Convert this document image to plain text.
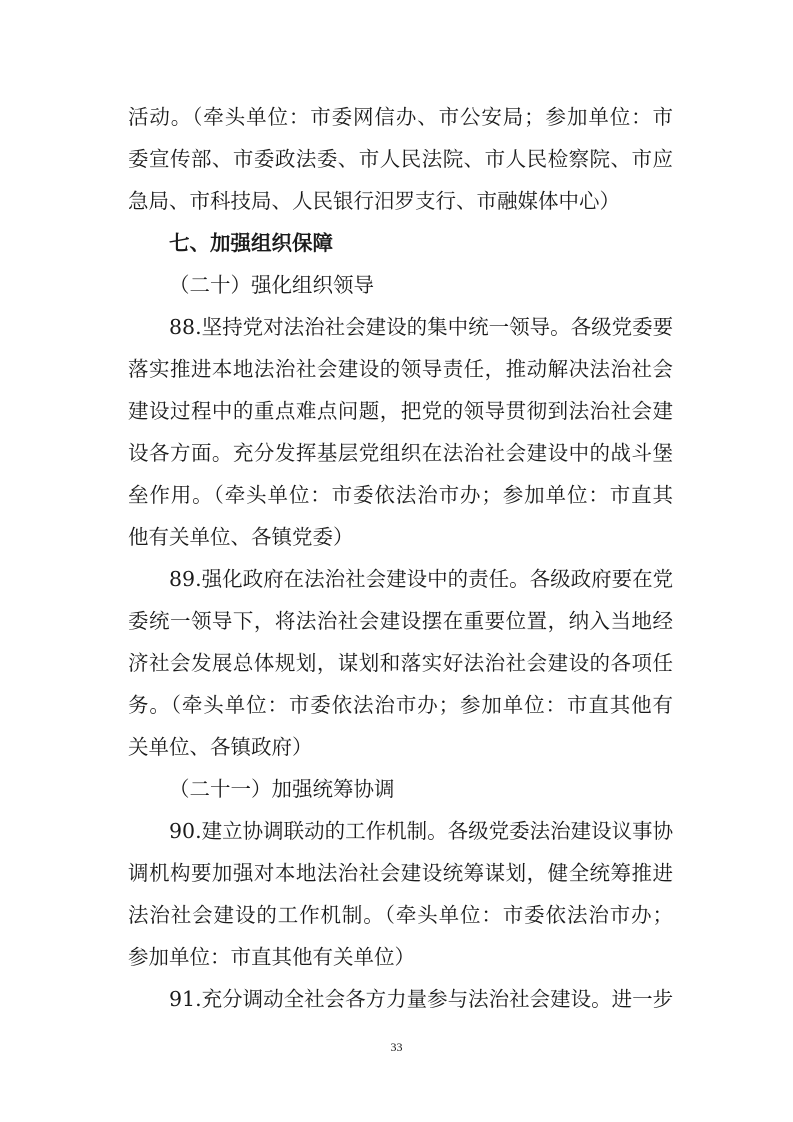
活动。（牵头单位：市委网信办、市公安局；参加单位：市
委宣传部、市委政法委、市人民法院、市人民检察院、市应
急局、市科技局、人民银行汨罗支行、市融媒体中心）
七、加强组织保障
（二十）强化组织领导
88.坚持党对法治社会建设的集中统一领导。各级党委要
落实推进本地法治社会建设的领导责任，推动解决法治社会
建设过程中的重点难点问题，把党的领导贯彻到法治社会建
设各方面。充分发挥基层党组织在法治社会建设中的战斗堡
垒作用。（牵头单位：市委依法治市办；参加单位：市直其
他有关单位、各镇党委）
89.强化政府在法治社会建设中的责任。各级政府要在党
委统一领导下，将法治社会建设摆在重要位置，纳入当地经
济社会发展总体规划，谋划和落实好法治社会建设的各项任
务。（牵头单位：市委依法治市办；参加单位：市直其他有
关单位、各镇政府）
（二十一）加强统筹协调
90.建立协调联动的工作机制。各级党委法治建设议事协
调机构要加强对本地法治社会建设统筹谋划，健全统筹推进
法治社会建设的工作机制。（牵头单位：市委依法治市办；
参加单位：市直其他有关单位）
91.充分调动全社会各方力量参与法治社会建设。进一步
33
